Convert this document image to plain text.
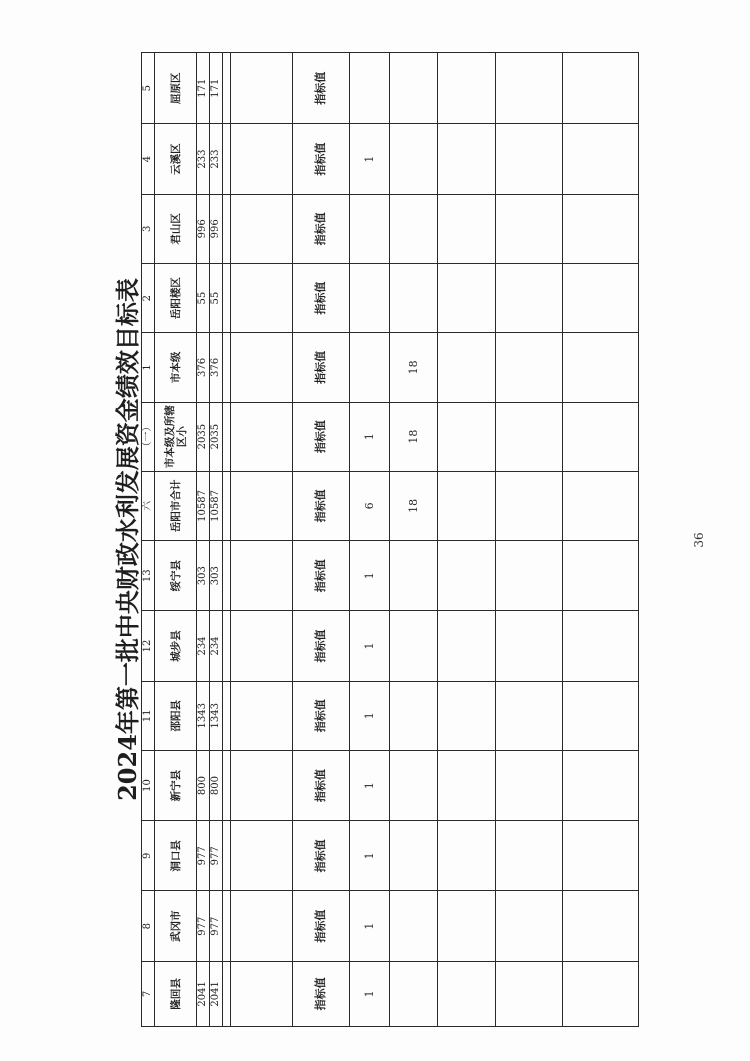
2024年第一批中央财政水利发展资金绩效目标表
7	8	9	10	11	12	13	六	（一）	1	2	3	4	5
隆回县	武冈市	洞口县	新宁县	邵阳县	城步县	绥宁县	岳阳市合计	市本级及所辖区小	市本级	岳阳楼区	君山区	云溪区	屈原区
2041	977	977	800	1343	234	303	10587	2035	376	55	996	233	171
2041	977	977	800	1343	234	303	10587	2035	376	55	996	233	171

指标值	指标值	指标值	指标值	指标值	指标值	指标值	指标值	指标值	指标值	指标值	指标值	指标值	指标值
1	1	1	1	1	1	1	6	1				1	
							18	18	18				

36
